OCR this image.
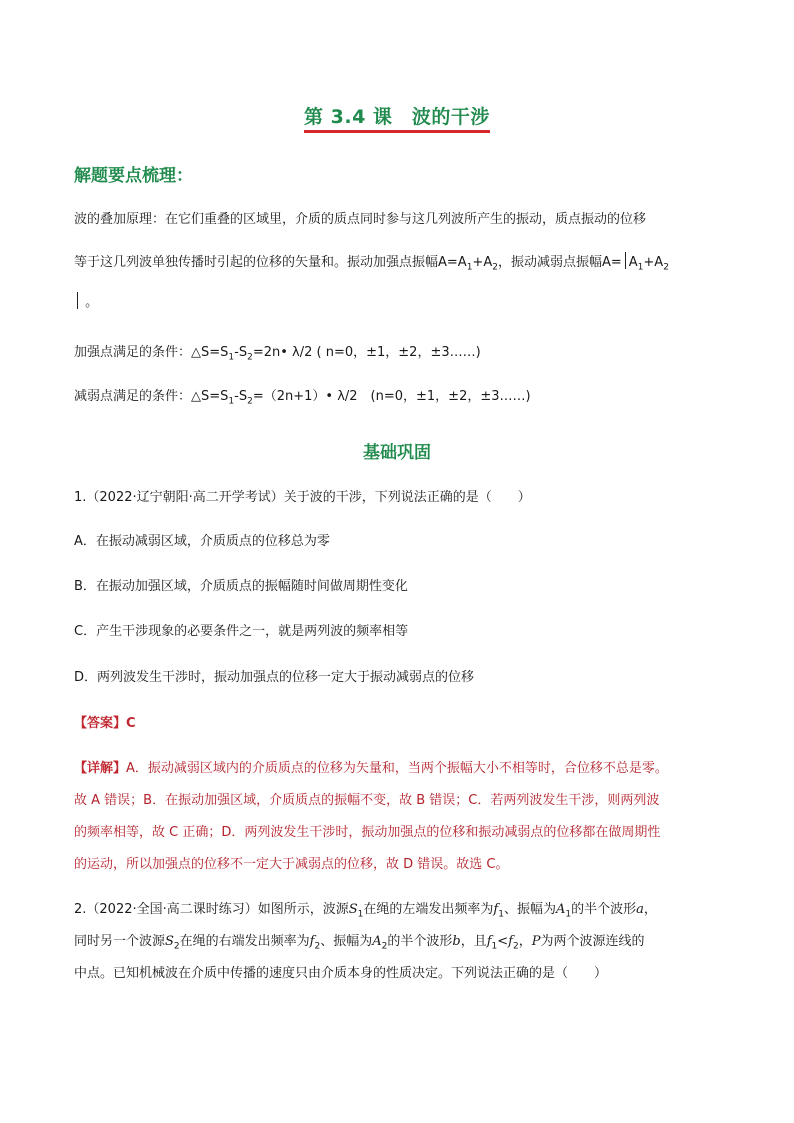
第 3.4 课　波的干涉
解题要点梳理：
波的叠加原理：在它们重叠的区域里，介质的质点同时参与这几列波所产生的振动，质点振动的位移
等于这几列波单独传播时引起的位移的矢量和。振动加强点振幅$A=A_1+A_2$，振动减弱点振幅$A= A_1+A_2$
。
加强点满足的条件：$\triangle S=S_1-S_2=2n•$ λ/2 ( n=0，±1，±2，±3……)
减弱点满足的条件：$\triangle S=S_1-S_2=(2n+1)•$ λ/2　(n=0，±1，±2，±3……)
基础巩固
1.（2022·辽宁朝阳·高二开学考试）关于波的干涉，下列说法正确的是（　　）
A．在振动减弱区域，介质质点的位移总为零
B．在振动加强区域，介质质点的振幅随时间做周期性变化
C．产生干涉现象的必要条件之一，就是两列波的频率相等
D．两列波发生干涉时，振动加强点的位移一定大于振动减弱点的位移
【答案】C
【详解】A．振动减弱区域内的介质质点的位移为矢量和，当两个振幅大小不相等时，合位移不总是零。
故 A 错误；B．在振动加强区域，介质质点的振幅不变，故 B 错误；C．若两列波发生干涉，则两列波
的频率相等，故 C 正确；D．两列波发生干涉时，振动加强点的位移和振动减弱点的位移都在做周期性
的运动，所以加强点的位移不一定大于减弱点的位移，故 D 错误。故选 C。
2.（2022·全国·高二课时练习）如图所示，波源$S_1$在绳的左端发出频率为$f_1$、振幅为$A_1$的半个波形a，
同时另一个波源$S_2$在绳的右端发出频率为$f_2$、振幅为$A_2$的半个波形b，且$f_1<f_2$，P为两个波源连线的
中点。已知机械波在介质中传播的速度只由介质本身的性质决定。下列说法正确的是（　　）
